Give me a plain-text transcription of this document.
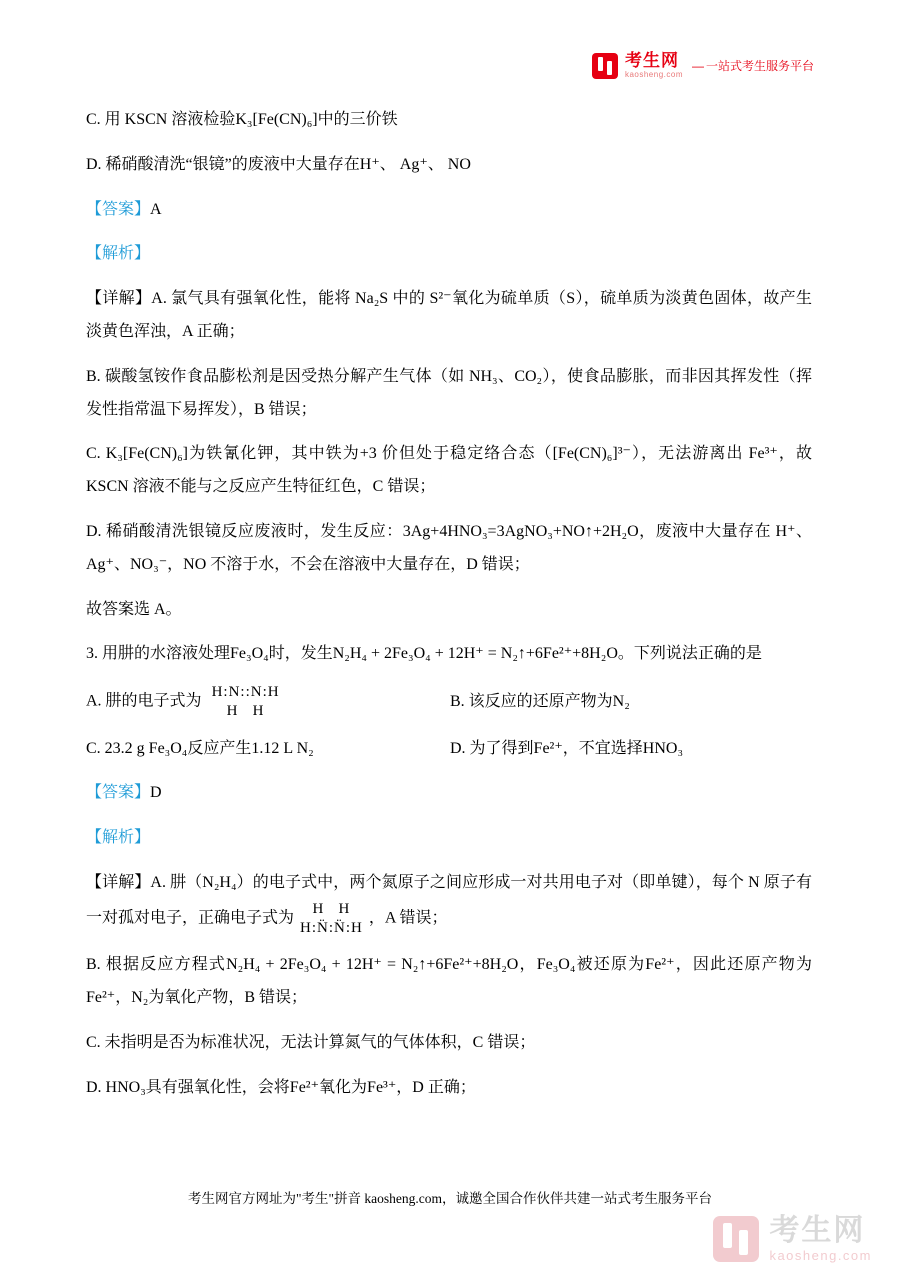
考生网
kaosheng.com
— 一站式考生服务平台

C. 用 KSCN 溶液检验K₃[Fe(CN)₆]中的三价铁

D. 稀硝酸清洗“银镜”的废液中大量存在H⁺、 Ag⁺、 NO

【答案】A

【解析】

【详解】A. 氯气具有强氧化性，能将 Na₂S 中的 S²⁻氧化为硫单质（S），硫单质为淡黄色固体，故产生淡黄色浑浊，A 正确；

B. 碳酸氢铵作食品膨松剂是因受热分解产生气体（如 NH₃、CO₂），使食品膨胀，而非因其挥发性（挥发性指常温下易挥发），B 错误；

C. K₃[Fe(CN)₆]为铁氰化钾，其中铁为+3 价但处于稳定络合态（[Fe(CN)₆]³⁻），无法游离出 Fe³⁺，故 KSCN 溶液不能与之反应产生特征红色，C 错误；

D. 稀硝酸清洗银镜反应废液时，发生反应：3Ag+4HNO₃=3AgNO₃+NO↑+2H₂O，废液中大量存在 H⁺、Ag⁺、NO₃⁻，NO 不溶于水，不会在溶液中大量存在，D 错误；

故答案选 A。

3. 用肼的水溶液处理Fe₃O₄时，发生N₂H₄ + 2Fe₃O₄ + 12H⁺ = N₂↑+6Fe²⁺+8H₂O。下列说法正确的是

A. 肼的电子式为
H:N::N:H
H   H
B. 该反应的还原产物为N₂
C. 23.2 g Fe₃O₄反应产生1.12 L N₂	D. 为了得到Fe²⁺，不宜选择HNO₃

【答案】D

【解析】

【详解】A. 肼（N₂H₄）的电子式中，两个氮原子之间应形成一对共用电子对（即单键），每个 N 原子有一对孤对电子，正确电子式为
H   H
H:N̈:N̈:H
，A 错误；

B. 根据反应方程式N₂H₄ + 2Fe₃O₄ + 12H⁺ = N₂↑+6Fe²⁺+8H₂O，Fe₃O₄被还原为Fe²⁺，因此还原产物为Fe²⁺，N₂为氧化产物，B 错误；

C. 未指明是否为标准状况，无法计算氮气的气体体积，C 错误；

D. HNO₃具有强氧化性，会将Fe²⁺氧化为Fe³⁺，D 正确；

考生网官方网址为"考生"拼音 kaosheng.com，诚邀全国合作伙伴共建一站式考生服务平台
考生网
kaosheng.com
